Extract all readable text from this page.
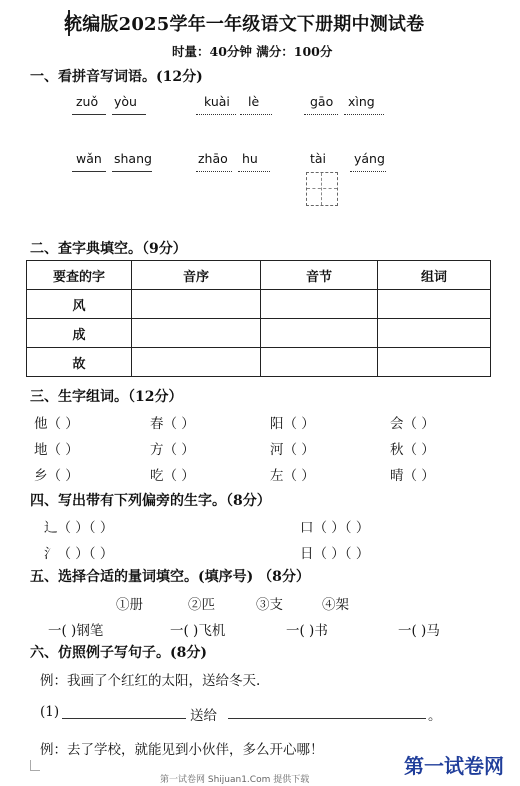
统编版2025学年一年级语文下册期中测试卷
时量：40分钟 满分：100分
一、看拼音写词语。(12分)
zuǒ yòu	kuài lè	gāo xìng
wǎn shang	zhāo hu	tài yáng
二、查字典填空。（9分）
要查的字	音序	音节	组词
风			
成			
故			
三、生字组词。（12分）
他（ ）	春（ ）	阳（ ）	会（ ）
地（ ）	方（ ）	河（ ）	秋（ ）
乡（ ）	吃（ ）	左（ ）	晴（ ）
四、写出带有下列偏旁的生字。（8分）
辶（ ）（ ）	口（ ）（ ）
氵（ ）（ ）	日（ ）（ ）
五、选择合适的量词填空。(填序号) （8分）
①册	②匹	③支	④架
一( )钢笔	一( )飞机	一( )书	一( )马
六、仿照例子写句子。(8分)
例：我画了个红红的太阳，送给冬天.
(1)	送给	。
例：去了学校，就能见到小伙伴，多么开心哪！
第一试卷网 Shijuan1.Com 提供下载
第一试卷网
